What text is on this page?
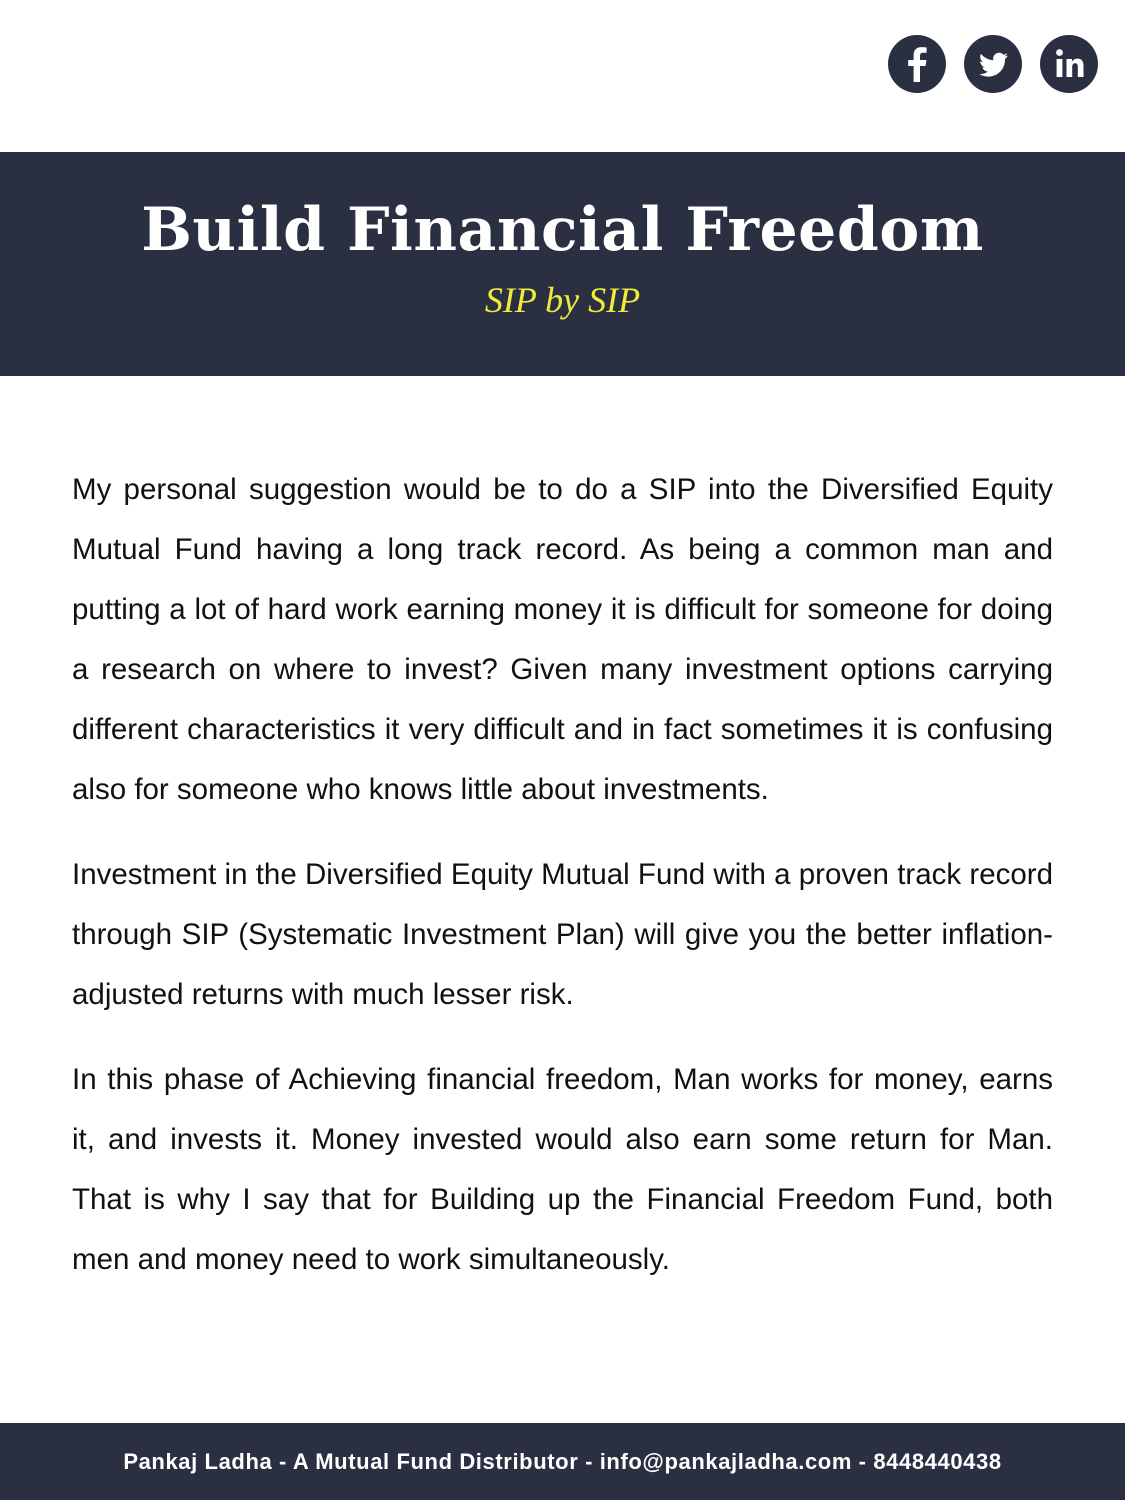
Build Financial Freedom
SIP by SIP

My personal suggestion would be to do a SIP into the Diversified Equity Mutual Fund having a long track record. As being a common man and putting a lot of hard work earning money it is difficult for someone for doing a research on where to invest? Given many investment options carrying different characteristics it very difficult and in fact sometimes it is confusing also for someone who knows little about investments.

Investment in the Diversified Equity Mutual Fund with a proven track record through SIP (Systematic Investment Plan) will give you the better inflation-adjusted returns with much lesser risk.

In this phase of Achieving financial freedom, Man works for money, earns it, and invests it. Money invested would also earn some return for Man. That is why I say that for Building up the Financial Freedom Fund, both men and money need to work simultaneously.

Pankaj Ladha - A Mutual Fund Distributor - info@pankajladha.com - 8448440438
